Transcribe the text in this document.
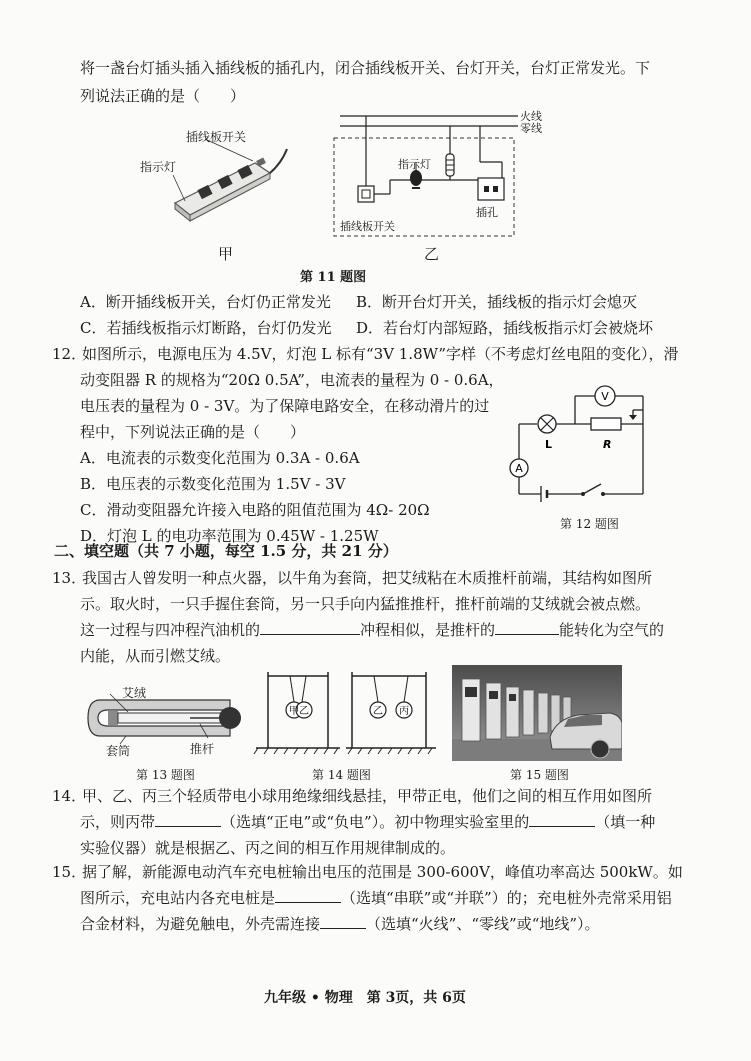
将一盏台灯插头插入插线板的插孔内，闭合插线板开关、台灯开关，台灯正常发光。下
列说法正确的是（　　）
插线板开关
指示灯
甲
火线
零线
指示灯
插线板开关
插孔
乙
第 11 题图
A．断开插线板开关，台灯仍正常发光 B．断开台灯开关，插线板的指示灯会熄灭
C．若插线板指示灯断路，台灯仍发光 D．若台灯内部短路，插线板指示灯会被烧坏
12．
如图所示，电源电压为 4.5V，灯泡 L 标有“3V 1.8W”字样（不考虑灯丝电阻的变化），滑
动变阻器 R 的规格为“20Ω 0.5A”，电流表的量程为 0 - 0.6A，
电压表的量程为 0 - 3V。为了保障电路安全，在移动滑片的过
程中，下列说法正确的是（　　）
A．电流表的示数变化范围为 0.3A - 0.6A
B．电压表的示数变化范围为 1.5V - 3V
C．滑动变阻器允许接入电路的阻值范围为 4Ω- 20Ω
D．灯泡 L 的电功率范围为 0.45W - 1.25W
V
A
L	R
第 12 题图
二、填空题（共 7 小题，每空 1.5 分，共 21 分）
13．
我国古人曾发明一种点火器，以牛角为套筒，把艾绒粘在木质推杆前端，其结构如图所
示。取火时，一只手握住套筒，另一只手向内猛推推杆，推杆前端的艾绒就会被点燃。
这一过程与四冲程汽油机的	冲程相似，是推杆的	能转化为空气的
内能，从而引燃艾绒。
艾绒
套筒	推杆
第 13 题图
甲 乙	乙 丙
第 14 题图	第 15 题图
14．
甲、乙、丙三个轻质带电小球用绝缘细线悬挂，甲带正电，他们之间的相互作用如图所
示，则丙带	（选填“正电”或“负电”）。初中物理实验室里的	（填一种
实验仪器）就是根据乙、丙之间的相互作用规律制成的。
15．
据了解，新能源电动汽车充电桩输出电压的范围是 300-600V，峰值功率高达 500kW。如
图所示，充电站内各充电桩是	（选填“串联”或“并联”）的；充电桩外壳常采用铝
合金材料，为避免触电，外壳需连接	（选填“火线”、“零线”或“地线”）。
九年级 • 物理　第 3页，共 6页
